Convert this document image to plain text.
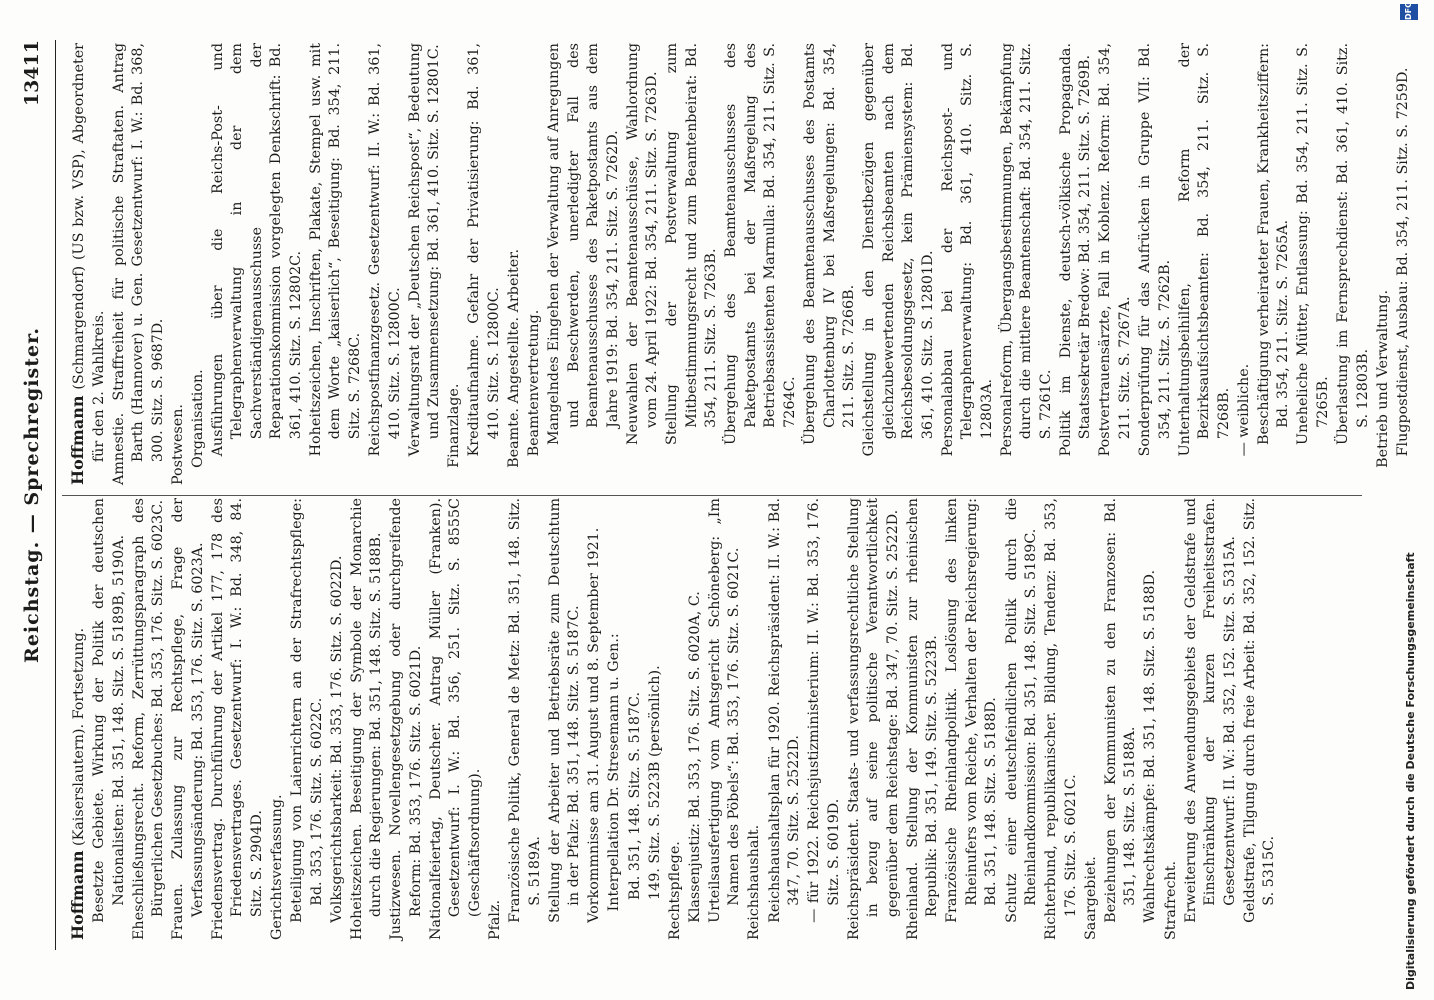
Reichstag. — Sprechregister.
13411

Hoffmann (Kaiserslautern). Fortsetzung. Besetzte Gebiete. Wirkung der Politik der deutschen Nationalisten: Bd. 351, 148. Sitz. S. 5189B, 5190A. Eheschließungsrecht. Reform, Zerrüttungsparagraph des Bürgerlichen Gesetzbuches: Bd. 353, 176. Sitz. S. 6023C. Frauen. Zulassung zur Rechtspflege, Frage der Verfassungsänderung: Bd. 353, 176. Sitz. S. 6023A. Friedensvertrag. Durchführung der Artikel 177, 178 des Friedensvertrages. Gesetzentwurf: I. W.: Bd. 348, 84. Sitz. S. 2904D. Gerichtsverfassung. Beteiligung von Laienrichtern an der Strafrechtspflege: Bd. 353, 176. Sitz. S. 6022C. Volksgerichtsbarkeit: Bd. 353, 176. Sitz. S. 6022D. Hoheitszeichen. Beseitigung der Symbole der Monarchie durch die Regierungen: Bd. 351, 148. Sitz. S. 5188B. Justizwesen. Novellengesetzgebung oder durchgreifende Reform: Bd. 353, 176. Sitz. S. 6021D. Nationalfeiertag, Deutscher. Antrag Müller (Franken). Gesetzentwurf: I. W.: Bd. 356, 251. Sitz. S. 8555C (Geschäftsordnung).

Pfalz. Französische Politik, General de Metz: Bd. 351, 148. Sitz. S. 5189A. Stellung der Arbeiter und Betriebsräte zum Deutschtum in der Pfalz: Bd. 351, 148. Sitz. S. 5187C. Vorkommnisse am 31. August und 8. September 1921. Interpellation Dr. Stresemann u. Gen.: Bd. 351, 148. Sitz. S. 5187C. 149. Sitz. S. 5223B (persönlich). Rechtspflege. Klassenjustiz: Bd. 353, 176. Sitz. S. 6020A, C. Urteilsausfertigung vom Amtsgericht Schöneberg: „Im Namen des Pöbels“: Bd. 353, 176. Sitz. S. 6021C. Reichshaushalt. Reichshaushaltsplan für 1920. Reichspräsident: II. W.: Bd. 347, 70. Sitz. S. 2522D. — für 1922. Reichsjustizministerium: II. W.: Bd. 353, 176. Sitz. S. 6019D. Reichspräsident. Staats- und verfassungsrechtliche Stellung in bezug auf seine politische Verantwortlichkeit gegenüber dem Reichstage: Bd. 347, 70. Sitz. S. 2522D. Rheinland. Stellung der Kommunisten zur rheinischen Republik: Bd. 351, 149. Sitz. S. 5223B. Französische Rheinlandpolitik. Loslösung des linken Rheinufers vom Reiche, Verhalten der Reichsregierung: Bd. 351, 148. Sitz. S. 5188D. Schutz einer deutschfeindlichen Politik durch die Rheinlandkommission: Bd. 351, 148. Sitz. S. 5189C. Richterbund, republikanischer. Bildung, Tendenz: Bd. 353, 176. Sitz. S. 6021C. Saargebiet. Beziehungen der Kommunisten zu den Franzosen: Bd. 351, 148. Sitz. S. 5188A. Wahlrechtskämpfe: Bd. 351, 148. Sitz. S. 5188D. Strafrecht. Erweiterung des Anwendungsgebiets der Geldstrafe und Einschränkung der kurzen Freiheitsstrafen. Gesetzentwurf: II. W.: Bd. 352, 152. Sitz. S. 5315A. Geldstrafe, Tilgung durch freie Arbeit: Bd. 352, 152. Sitz. S. 5315C.

Hoffmann (Schmargendorf) (US bzw. VSP), Abgeordneter für den 2. Wahlkreis. Amnestie. Straffreiheit für politische Straftaten. Antrag Barth (Hannover) u. Gen. Gesetzentwurf: I. W.: Bd. 368, 300. Sitz. S. 9687D. Postwesen. Organisation. Ausführungen über die Reichs-Post- und Telegraphenverwaltung in der dem Sachverständigenausschusse der Reparationskommission vorgelegten Denkschrift: Bd. 361, 410. Sitz. S. 12802C. Hoheitszeichen, Inschriften, Plakate, Stempel usw. mit dem Worte „kaiserlich“, Beseitigung: Bd. 354, 211. Sitz. S. 7268C. Reichspostfinanzgesetz. Gesetzentwurf: II. W.: Bd. 361, 410. Sitz. S. 12800C. Verwaltungsrat der „Deutschen Reichspost“, Bedeutung und Zusammensetzung: Bd. 361, 410. Sitz. S. 12801C. Finanzlage. Kreditaufnahme. Gefahr der Privatisierung: Bd. 361, 410. Sitz. S. 12800C. Beamte. Angestellte. Arbeiter. Beamtenvertretung. Mangelndes Eingehen der Verwaltung auf Anregungen und Beschwerden, unerledigter Fall des Beamtenausschusses des Paketpostamts aus dem Jahre 1919: Bd. 354, 211. Sitz. S. 7262D. Neuwahlen der Beamtenausschüsse, Wahlordnung vom 24. April 1922: Bd. 354, 211. Sitz. S. 7263D. Stellung der Postverwaltung zum Mitbestimmungsrecht und zum Beamtenbeirat: Bd. 354, 211. Sitz. S. 7263B. Übergehung des Beamtenausschusses des Paketpostamts bei der Maßregelung des Betriebsassistenten Marmulla: Bd. 354, 211. Sitz. S. 7264C. Übergehung des Beamtenausschusses des Postamts Charlottenburg IV bei Maßregelungen: Bd. 354, 211. Sitz. S. 7266B. Gleichstellung in den Dienstbezügen gegenüber gleichzubewertenden Reichsbeamten nach dem Reichsbesoldungsgesetz, kein Prämiensystem: Bd. 361, 410. Sitz. S. 12801D. Personalabbau bei der Reichspost- und Telegraphenverwaltung: Bd. 361, 410. Sitz. S. 12803A. Personalreform, Übergangsbestimmungen, Bekämpfung durch die mittlere Beamtenschaft: Bd. 354, 211. Sitz. S. 7261C. Politik im Dienste, deutsch-völkische Propaganda. Staatssekretär Bredow: Bd. 354, 211. Sitz. S. 7269B. Postvertrauensärzte, Fall in Koblenz. Reform: Bd. 354, 211. Sitz. S. 7267A. Sonderprüfung für das Aufrücken in Gruppe VII: Bd. 354, 211. Sitz. S. 7262B. Unterhaltungsbeihilfen, Reform der Bezirksaufsichtsbeamten: Bd. 354, 211. Sitz. S. 7268B. — weibliche. Beschäftigung verheirateter Frauen, Krankheitsziffern: Bd. 354, 211. Sitz. S. 7265A. Uneheliche Mütter, Entlassung: Bd. 354, 211. Sitz. S. 7265B. Überlastung im Fernsprechdienst: Bd. 361, 410. Sitz. S. 12803B. Betrieb und Verwaltung. Flugpostdienst, Ausbau: Bd. 354, 211. Sitz. S. 7259D.

Digitalisierung gefördert durch die Deutsche Forschungsgemeinschaft
DFG
